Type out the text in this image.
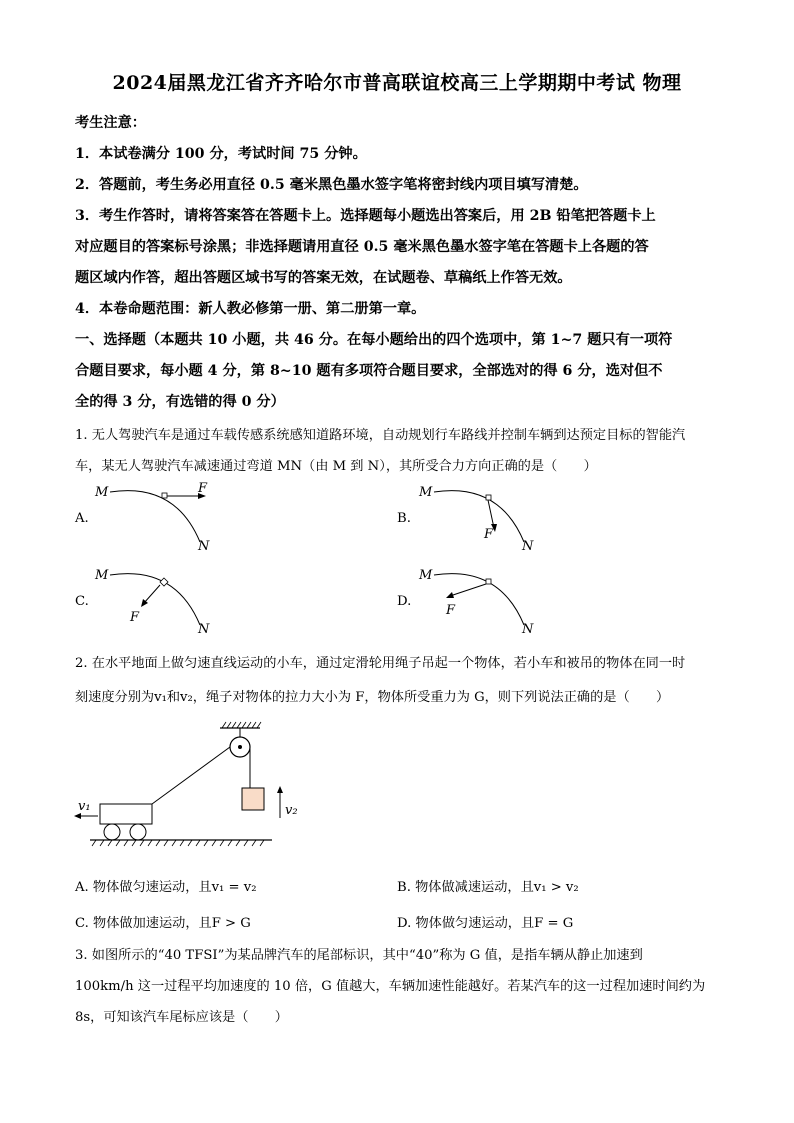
2024届黑龙江省齐齐哈尔市普高联谊校高三上学期期中考试 物理
考生注意：
1．本试卷满分 100 分，考试时间 75 分钟。
2．答题前，考生务必用直径 0.5 毫米黑色墨水签字笔将密封线内项目填写清楚。
3．考生作答时，请将答案答在答题卡上。选择题每小题选出答案后，用 2B 铅笔把答题卡上
对应题目的答案标号涂黑；非选择题请用直径 0.5 毫米黑色墨水签字笔在答题卡上各题的答
题区域内作答，超出答题区域书写的答案无效，在试题卷、草稿纸上作答无效。
4．本卷命题范围：新人教必修第一册、第二册第一章。
一、选择题（本题共 10 小题，共 46 分。在每小题给出的四个选项中，第 1~7 题只有一项符
合题目要求，每小题 4 分，第 8~10 题有多项符合题目要求，全部选对的得 6 分，选对但不
全的得 3 分，有选错的得 0 分）
1. 无人驾驶汽车是通过车载传感系统感知道路环境，自动规划行车路线并控制车辆到达预定目标的智能汽
车，某无人驾驶汽车减速通过弯道 MN（由 M 到 N），其所受合力方向正确的是（　　）
A.	B.
C.	D.
M	F
N
M
F
N
M
F
N
M
F
N
2. 在水平地面上做匀速直线运动的小车，通过定滑轮用绳子吊起一个物体，若小车和被吊的物体在同一时
刻速度分别为v₁和v₂，绳子对物体的拉力大小为 F，物体所受重力为 G，则下列说法正确的是（　　）
v₂
v₁
A. 物体做匀速运动，且v₁ = v₂	B. 物体做减速运动，且v₁ > v₂
C. 物体做加速运动，且F > G	D. 物体做匀速运动，且F = G
3. 如图所示的“40 TFSI”为某品牌汽车的尾部标识，其中“40”称为 G 值，是指车辆从静止加速到
100km/h 这一过程平均加速度的 10 倍，G 值越大，车辆加速性能越好。若某汽车的这一过程加速时间约为
8s，可知该汽车尾标应该是（　　）
